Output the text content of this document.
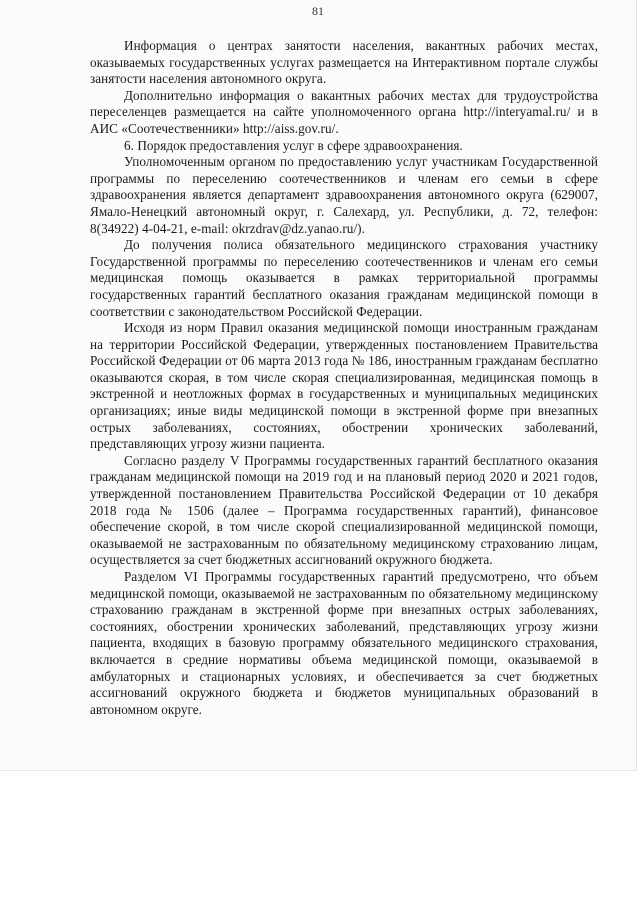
81

Информация о центрах занятости населения, вакантных рабочих местах, оказываемых государственных услугах размещается на Интерактивном портале службы занятости населения автономного округа.

Дополнительно информация о вакантных рабочих местах для трудоустройства переселенцев размещается на сайте уполномоченного органа http://interyamal.ru/ и в АИС «Соотечественники» http://aiss.gov.ru/.

6. Порядок предоставления услуг в сфере здравоохранения.

Уполномоченным органом по предоставлению услуг участникам Государственной программы по переселению соотечественников и членам его семьи в сфере здравоохранения является департамент здравоохранения автономного округа (629007, Ямало-Ненецкий автономный округ, г. Салехард, ул. Республики, д. 72, телефон: 8(34922) 4-04-21, e-mail: okrzdrav@dz.yanao.ru/).

До получения полиса обязательного медицинского страхования участнику Государственной программы по переселению соотечественников и членам его семьи медицинская помощь оказывается в рамках территориальной программы государственных гарантий бесплатного оказания гражданам медицинской помощи в соответствии с законодательством Российской Федерации.

Исходя из норм Правил оказания медицинской помощи иностранным гражданам на территории Российской Федерации, утвержденных постановлением Правительства Российской Федерации от 06 марта 2013 года № 186, иностранным гражданам бесплатно оказываются скорая, в том числе скорая специализированная, медицинская помощь в экстренной и неотложных формах в государственных и муниципальных медицинских организациях; иные виды медицинской помощи в экстренной форме при внезапных острых заболеваниях, состояниях, обострении хронических заболеваний, представляющих угрозу жизни пациента.

Согласно разделу V Программы государственных гарантий бесплатного оказания гражданам медицинской помощи на 2019 год и на плановый период 2020 и 2021 годов, утвержденной постановлением Правительства Российской Федерации от 10 декабря 2018 года № 1506 (далее – Программа государственных гарантий), финансовое обеспечение скорой, в том числе скорой специализированной медицинской помощи, оказываемой не застрахованным по обязательному медицинскому страхованию лицам, осуществляется за счет бюджетных ассигнований окружного бюджета.

Разделом VI Программы государственных гарантий предусмотрено, что объем медицинской помощи, оказываемой не застрахованным по обязательному медицинскому страхованию гражданам в экстренной форме при внезапных острых заболеваниях, состояниях, обострении хронических заболеваний, представляющих угрозу жизни пациента, входящих в базовую программу обязательного медицинского страхования, включается в средние нормативы объема медицинской помощи, оказываемой в амбулаторных и стационарных условиях, и обеспечивается за счет бюджетных ассигнований окружного бюджета и бюджетов муниципальных образований в автономном округе.
